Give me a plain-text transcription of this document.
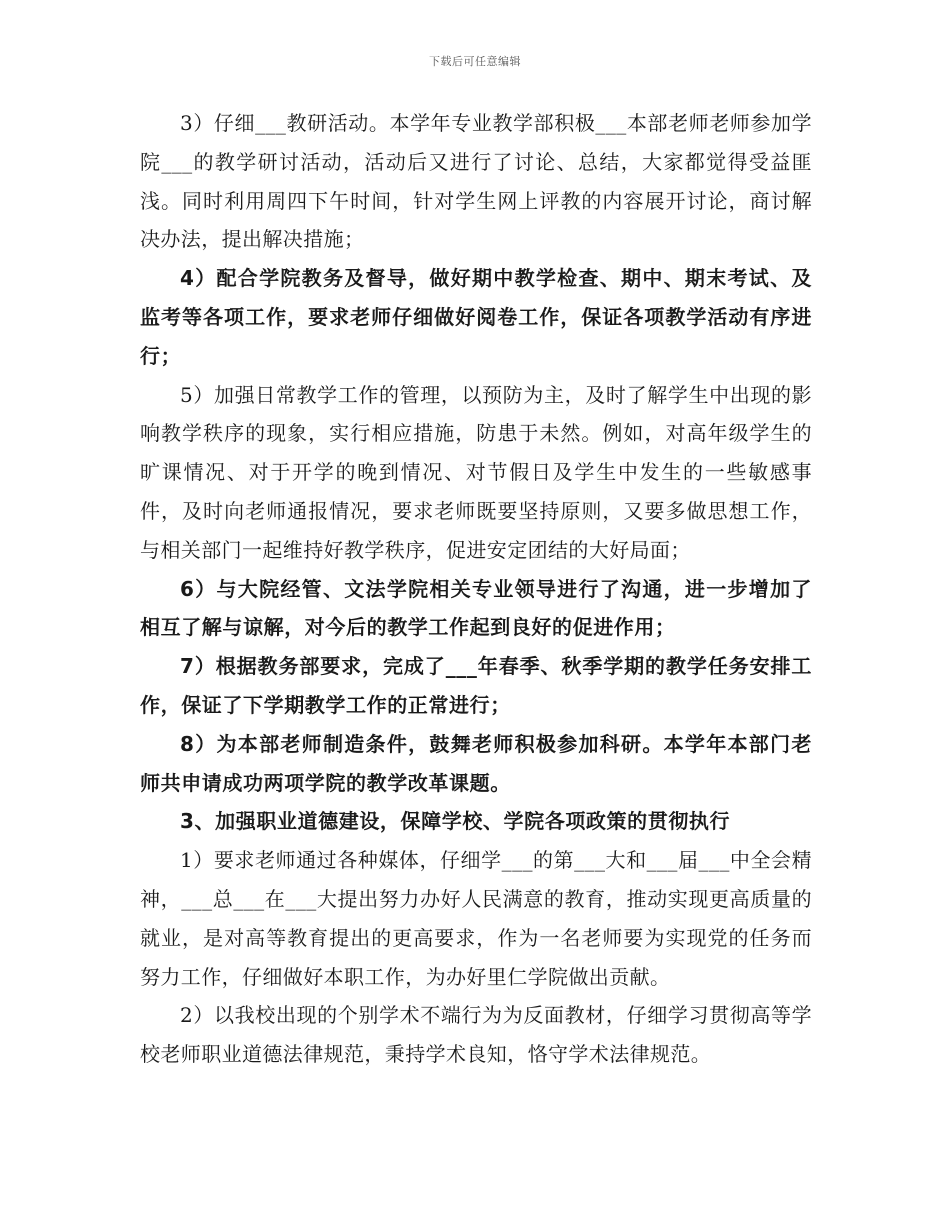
下载后可任意编辑

3）仔细___教研活动。本学年专业教学部积极___本部老师老师参加学院___的教学研讨活动，活动后又进行了讨论、总结，大家都觉得受益匪浅。同时利用周四下午时间，针对学生网上评教的内容展开讨论，商讨解决办法，提出解决措施；

4）配合学院教务及督导，做好期中教学检查、期中、期末考试、及监考等各项工作，要求老师仔细做好阅卷工作，保证各项教学活动有序进行；

5）加强日常教学工作的管理，以预防为主，及时了解学生中出现的影响教学秩序的现象，实行相应措施，防患于未然。例如，对高年级学生的旷课情况、对于开学的晚到情况、对节假日及学生中发生的一些敏感事件，及时向老师通报情况，要求老师既要坚持原则，又要多做思想工作，与相关部门一起维持好教学秩序，促进安定团结的大好局面；

6）与大院经管、文法学院相关专业领导进行了沟通，进一步增加了相互了解与谅解，对今后的教学工作起到良好的促进作用；

7）根据教务部要求，完成了___年春季、秋季学期的教学任务安排工作，保证了下学期教学工作的正常进行；

8）为本部老师制造条件，鼓舞老师积极参加科研。本学年本部门老师共申请成功两项学院的教学改革课题。

3、加强职业道德建设，保障学校、学院各项政策的贯彻执行

1）要求老师通过各种媒体，仔细学___的第___大和___届___中全会精神，___总___在___大提出努力办好人民满意的教育，推动实现更高质量的就业，是对高等教育提出的更高要求，作为一名老师要为实现党的任务而努力工作，仔细做好本职工作，为办好里仁学院做出贡献。

2）以我校出现的个别学术不端行为为反面教材，仔细学习贯彻高等学校老师职业道德法律规范，秉持学术良知，恪守学术法律规范。
